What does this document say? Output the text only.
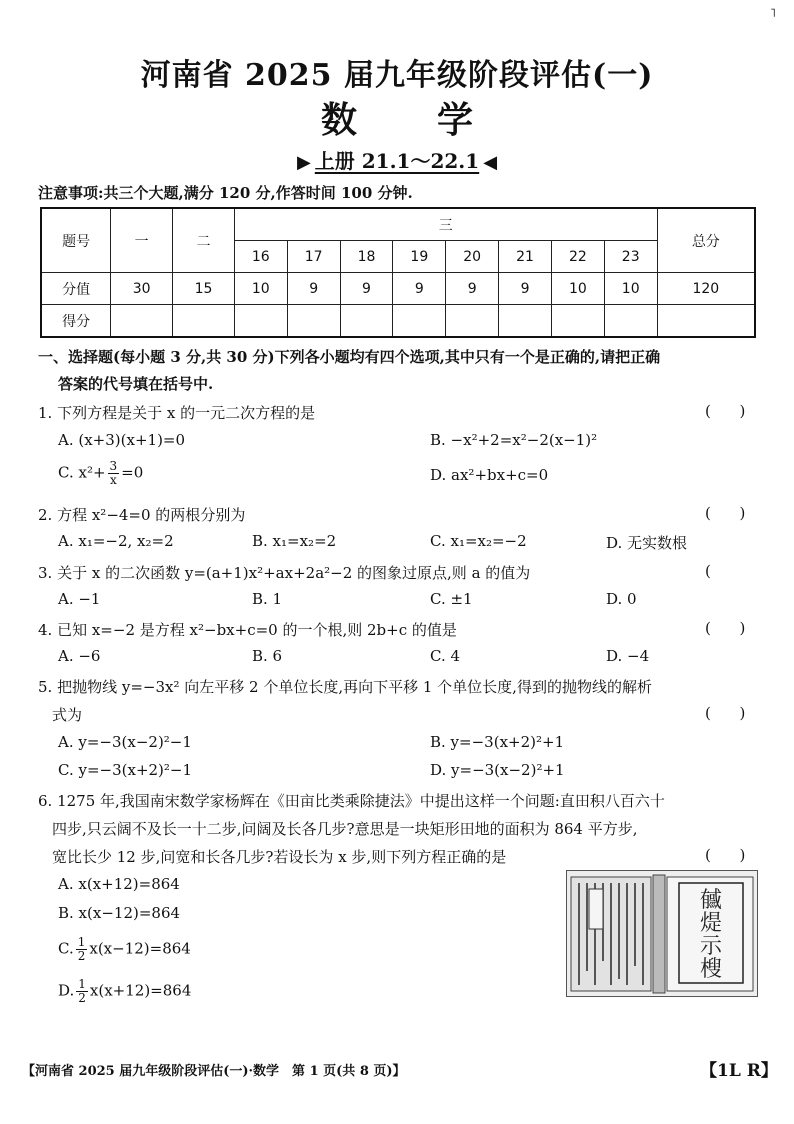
˥
河南省 2025 届九年级阶段评估(一)
数 学
▶ 上册 21.1～22.1 ◀
注意事项:共三个大题,满分 120 分,作答时间 100 分钟.
题号	一	二	三								总分
			16	17	18	19	20	21	22	23	
分值	30	15	10	9	9	9	9	9	10	10	120
得分											
一、选择题(每小题 3 分,共 30 分)下列各小题均有四个选项,其中只有一个是正确的,请把正确
答案的代号填在括号中.
1. 下列方程是关于 x 的一元二次方程的是	(      )
A. (x+3)(x+1)=0	B. −x²+2=x²−2(x−1)²
C. $x^2+ \frac{3}{x} =0$	D. ax²+bx+c=0
2. 方程 x²−4=0 的两根分别为	(      )
A. x₁=−2, x₂=2	B. x₁=x₂=2	C. x₁=x₂=−2	D. 无实数根
3. 关于 x 的二次函数 y=(a+1)x²+ax+2a²−2 的图象过原点,则 a 的值为	(
A. −1	B. 1	C. ±1	D. 0
4. 已知 x=−2 是方程 x²−bx+c=0 的一个根,则 2b+c 的值是	(      )
A. −6	B. 6	C. 4	D. −4
5. 把抛物线 y=−3x² 向左平移 2 个单位长度,再向下平移 1 个单位长度,得到的抛物线的解析
式为	(      )
A. y=−3(x−2)²−1	B. y=−3(x+2)²+1
C. y=−3(x+2)²−1	D. y=−3(x−2)²+1
6. 1275 年,我国南宋数学家杨辉在《田亩比类乘除捷法》中提出这样一个问题:直田积八百六十
四步,只云阔不及长一十二步,问阔及长各几步?意思是一块矩形田地的面积为 864 平方步,
宽比长少 12 步,问宽和长各几步?若设长为 x 步,则下列方程正确的是	(      )
A. x(x+12)=864
B. x(x−12)=864
C. $\frac{1}{2} x(x-12)=864$
D. $\frac{1}{2} x(x+12)=864$
㦽
煶
示
㮴
【河南省 2025 届九年级阶段评估(一)·数学　第 1 页(共 8 页)】	【1L R】
